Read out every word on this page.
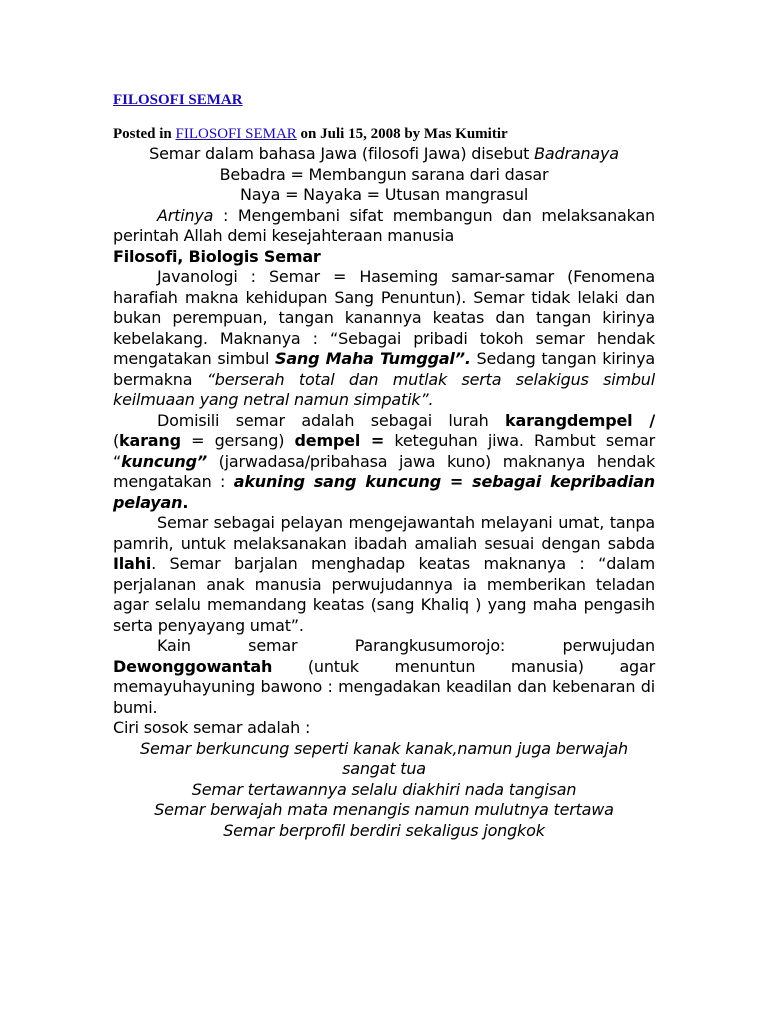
FILOSOFI SEMAR

Posted in FILOSOFI SEMAR on Juli 15, 2008 by Mas Kumitir

Semar dalam bahasa Jawa (filosofi Jawa) disebut Badranaya

Bebadra = Membangun sarana dari dasar

Naya = Nayaka = Utusan mangrasul

Artinya : Mengembani sifat membangun dan melaksanakan perintah Allah demi kesejahteraan manusia

Filosofi, Biologis Semar

Javanologi : Semar = Haseming samar-samar (Fenomena harafiah makna kehidupan Sang Penuntun). Semar tidak lelaki dan bukan perempuan, tangan kanannya keatas dan tangan kirinya kebelakang. Maknanya : “Sebagai pribadi tokoh semar hendak mengatakan simbul Sang Maha Tumggal”. Sedang tangan kirinya bermakna “berserah total dan mutlak serta selakigus simbul keilmuaan yang netral namun simpatik”.

Domisili semar adalah sebagai lurah karangdempel / (karang = gersang) dempel = keteguhan jiwa. Rambut semar “kuncung” (jarwadasa/pribahasa jawa kuno) maknanya hendak mengatakan : akuning sang kuncung = sebagai kepribadian pelayan.

Semar sebagai pelayan mengejawantah melayani umat, tanpa pamrih, untuk melaksanakan ibadah amaliah sesuai dengan sabda Ilahi. Semar barjalan menghadap keatas maknanya : “dalam perjalanan anak manusia perwujudannya ia memberikan teladan agar selalu memandang keatas (sang Khaliq ) yang maha pengasih serta penyayang umat”.

Kain semar Parangkusumorojo: perwujudan Dewonggowantah (untuk menuntun manusia) agar memayuhayuning bawono : mengadakan keadilan dan kebenaran di bumi.

Ciri sosok semar adalah :

Semar berkuncung seperti kanak kanak,namun juga berwajah sangat tua

Semar tertawannya selalu diakhiri nada tangisan

Semar berwajah mata menangis namun mulutnya tertawa

Semar berprofil berdiri sekaligus jongkok
